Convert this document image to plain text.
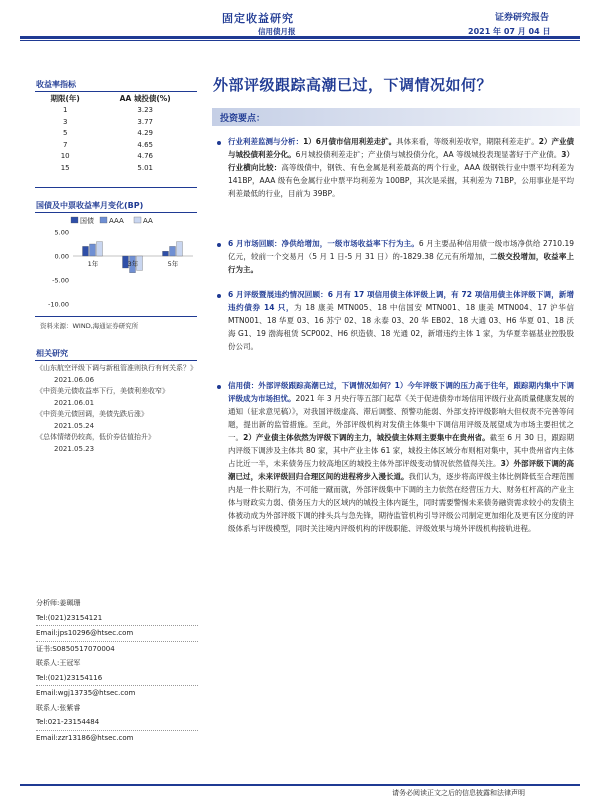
固定收益研究
信用债月报
证券研究报告
2021 年 07 月 04 日
收益率指标
期限(年)	AA 城投债(%)
1	3.23
3	3.77
5	4.29
7	4.65
10	4.76
15	5.01
国债及中票收益率月变化(BP)
国债 AAA	AA
5.00
0.00
-5.00
-10.00
1年	3年	5年
资料来源：WIND,海通证券研究所
相关研究
《山东航空评级下调与新租管准则执行有何关系？》
2021.06.06
《中资美元债收益率下行，美债利差收窄》
2021.06.01
《中资美元债回调，美债先跌后涨》
2021.05.24
《总体情绪仍较高，低价券估值抬升》
2021.05.23
分析师:姜珮珊
Tel:(021)23154121
Email:jps10296@htsec.com
证书:S0850517070004
联系人:王冠军
Tel:(021)23154116
Email:wgj13735@htsec.com
联系人:张紫睿
Tel:021-23154484
Email:zzr13186@htsec.com
外部评级跟踪高潮已过，下调情况如何？
投资要点：
行业利差监测与分析：1）6月债市信用利差走扩。具体来看，等级利差收窄，期限利差走扩。2）产业债与城投债利差分化。6月城投债利差走扩；产业债与城投债分化，AA 等级城投表现显著好于产业债。3）行业横向比较：高等级债中，钢铁、有色金属是利差最高的两个行业，AAA 级钢铁行业中票平均利差为 141BP，AAA 级有色金属行业中票平均利差为 100BP，其次是采掘，其利差为 71BP，公用事业是平均利差最低的行业，目前为 39BP。
6 月市场回顾：净供给增加，一级市场收益率下行为主。6 月主要品种信用债一级市场净供给 2710.19 亿元，较前一个交易月（5 月 1 日-5 月 31 日）的-1829.38 亿元有所增加，二级交投增加，收益率上行为主。
6 月评级暨展违约情况回顾：6 月有 17 项信用债主体评级上调，有 72 项信用债主体评级下调，新增违约债券 14 只，为 18 康美 MTN005、18 中信国安 MTN001、18 康美 MTN004、17 沪华信 MTN001、18 华夏 03、16 苏宁 02、18 永泰 03、20 华 EB02、18 大通 03、H6 华夏 01、18 沃海 G1、19 渤海租赁 SCP002、H6 织造债、18 光通 02，新增违约主体 1 家，为华夏幸福基业控股股份公司。
信用债：外部评级跟踪高潮已过，下调情况如何？1）今年评级下调的压力高于往年，跟踪期内集中下调评级成为市场担忧。2021 年 3 月央行等五部门起草《关于促进债券市场信用评级行业高质量健康发展的通知（征求意见稿）》，对我国评级虚高、滞后调整、预警功能弱、外部支持评级影响大但权责不完善等问题，提出新的监管措施。至此，外部评级机构对发债主体集中下调信用评级及展望成为市场主要担忧之一。2）产业债主体依然为评级下调的主力，城投债主体则主要集中在贵州省。截至 6 月 30 日，跟踪期内评级下调涉及主体共 80 家，其中产业主体 61 家，城投主体区域分布则相对集中，其中贵州省内主体占比近一半，未来债务压力较高地区的城投主体外部评级变动情况依然值得关注。3）外部评级下调的高潮已过，未来评级回归合理区间的进程将步入漫长道。我们认为，逐步将高评级主体比例降低至合理范围内是一件长期行为，不可能一蹴而就，外部评级集中下调的主力依然在经营压力大、财务杠杆高的产业主体与财政实力弱、债务压力大的区域内的城投主体内诞生，同时需要警惕未来债务融资需求较小的发债主体被动成为外部评级下调的排头兵与急先锋，期待监管机构引导评级公司制定更加细化及更有区分度的评级体系与评级模型，同时关注境内评级机构的评级职能、评级效果与境外评级机构接轨进程。
请务必阅读正文之后的信息披露和法律声明
